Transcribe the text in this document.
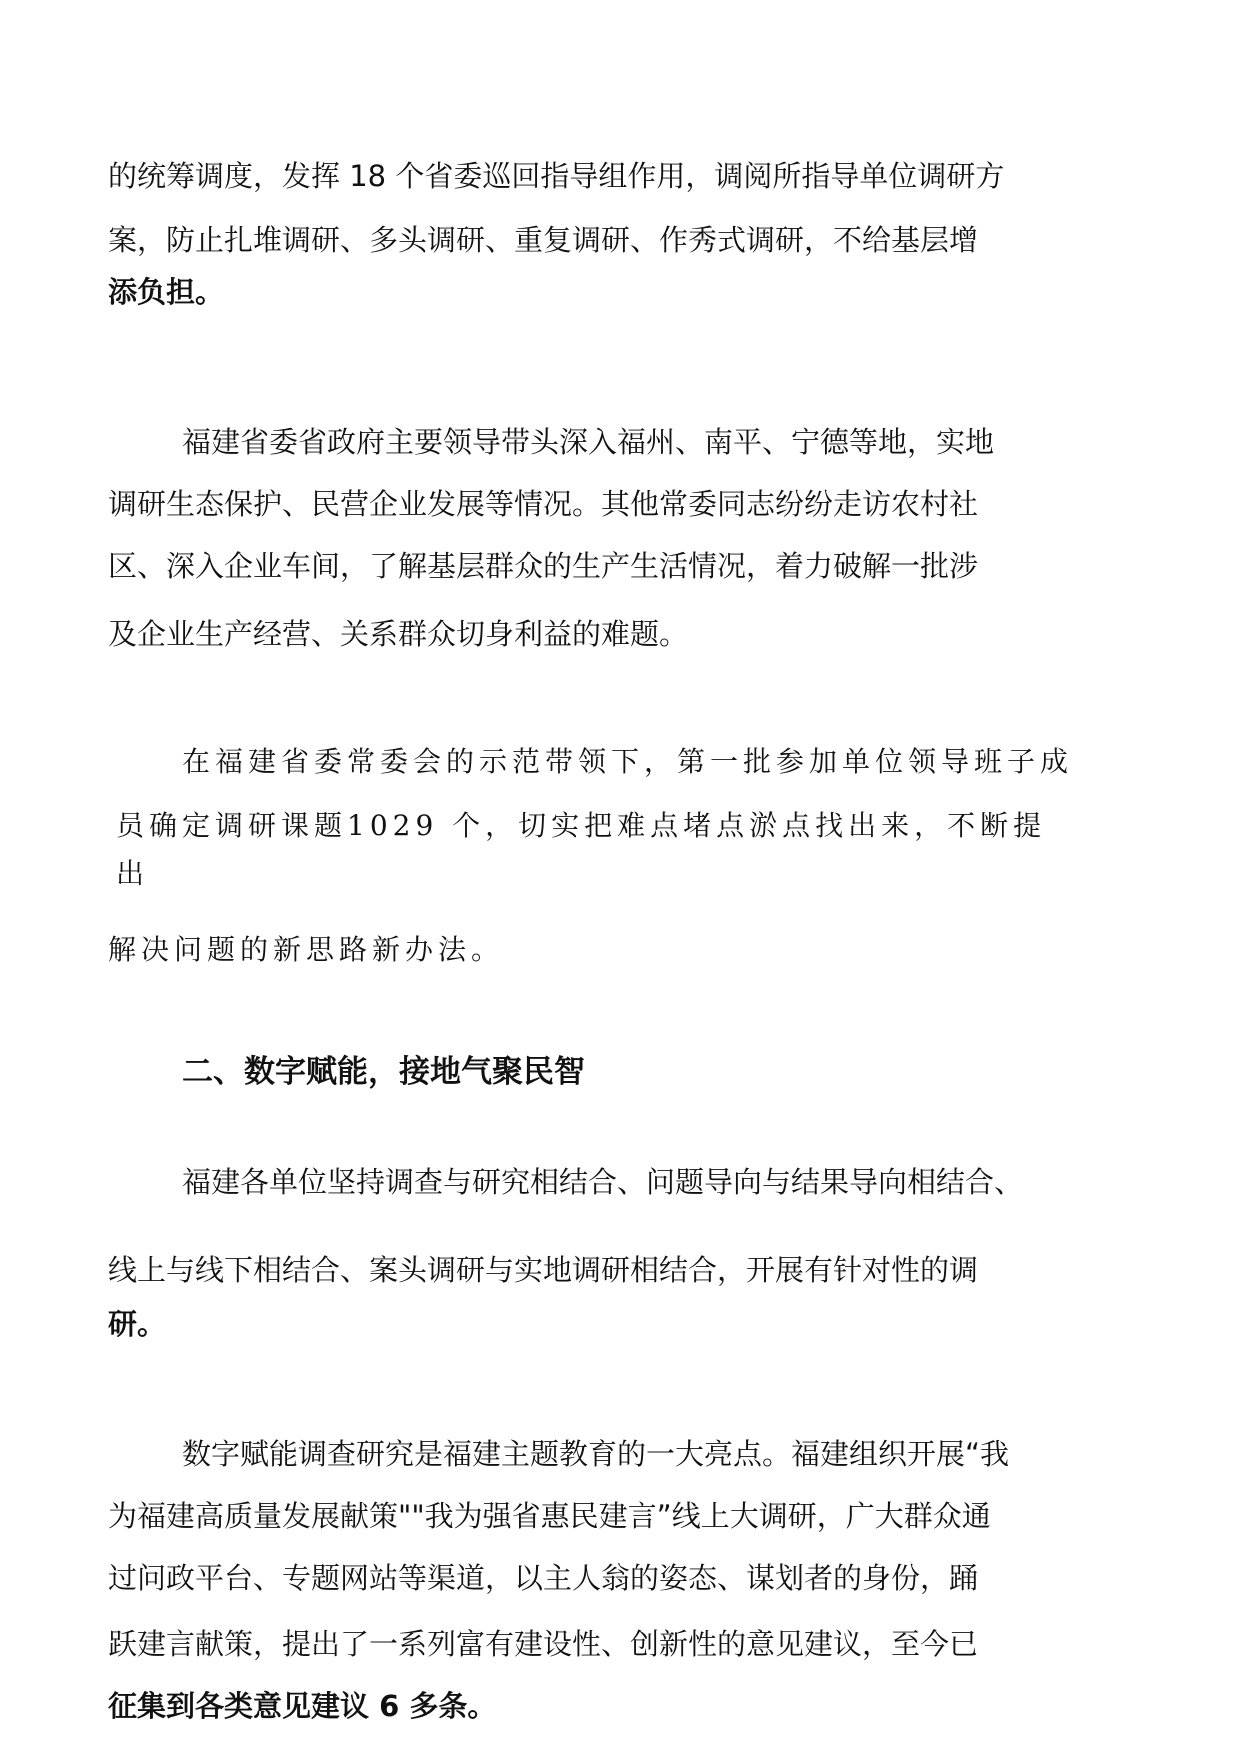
的统筹调度，发挥 18 个省委巡回指导组作用，调阅所指导单位调研方
案，防止扎堆调研、多头调研、重复调研、作秀式调研，不给基层增
添负担。
福建省委省政府主要领导带头深入福州、南平、宁德等地，实地
调研生态保护、民营企业发展等情况。其他常委同志纷纷走访农村社
区、深入企业车间，了解基层群众的生产生活情况，着力破解一批涉
及企业生产经营、关系群众切身利益的难题。
在福建省委常委会的示范带领下，第一批参加单位领导班子成
员确定调研课题1029 个，切实把难点堵点淤点找出来，不断提
出
解决问题的新思路新办法。
二、数字赋能，接地气聚民智
福建各单位坚持调查与研究相结合、问题导向与结果导向相结合、
线上与线下相结合、案头调研与实地调研相结合，开展有针对性的调
研。
数字赋能调查研究是福建主题教育的一大亮点。福建组织开展“我
为福建高质量发展献策""我为强省惠民建言”线上大调研，广大群众通
过问政平台、专题网站等渠道，以主人翁的姿态、谋划者的身份，踊
跃建言献策，提出了一系列富有建设性、创新性的意见建议，至今已
征集到各类意见建议 6 多条。
